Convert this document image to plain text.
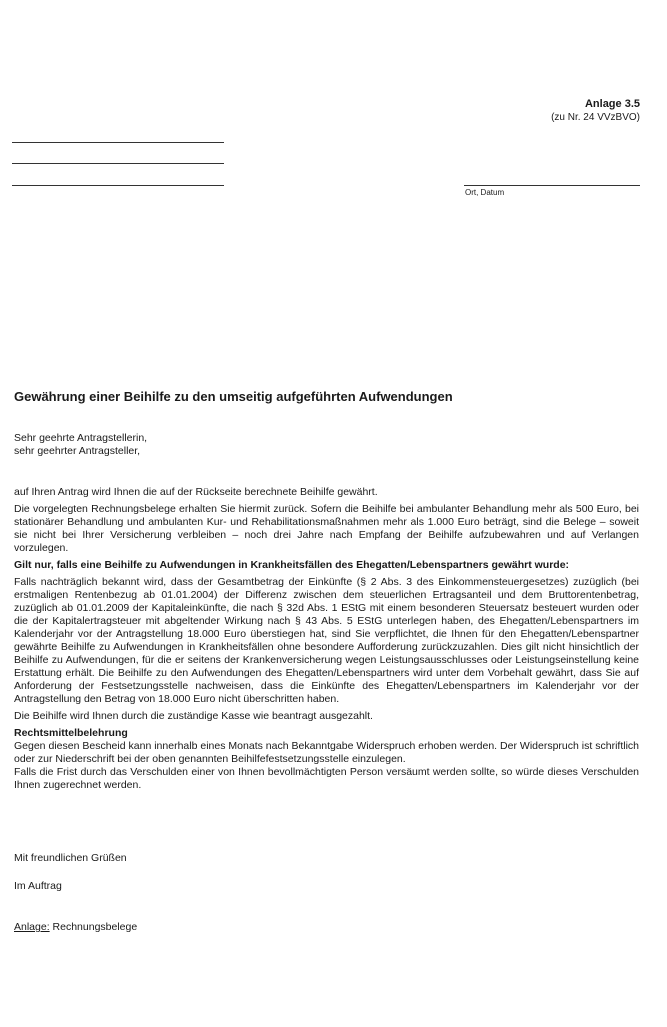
Anlage 3.5
(zu Nr. 24 VVzBVO)
Ort, Datum
Gewährung einer Beihilfe zu den umseitig aufgeführten Aufwendungen
Sehr geehrte Antragstellerin,
sehr geehrter Antragsteller,

auf Ihren Antrag wird Ihnen die auf der Rückseite berechnete Beihilfe gewährt.

Die vorgelegten Rechnungsbelege erhalten Sie hiermit zurück. Sofern die Beihilfe bei ambulanter Behandlung mehr als 500 Euro, bei stationärer Behandlung und ambulanten Kur- und Rehabilitationsmaßnahmen mehr als 1.000 Euro beträgt, sind die Belege – soweit sie nicht bei Ihrer Versicherung verbleiben – noch drei Jahre nach Empfang der Beihilfe aufzubewahren und auf Verlangen vorzulegen.

Gilt nur, falls eine Beihilfe zu Aufwendungen in Krankheitsfällen des Ehegatten/Lebenspartners gewährt wurde:

Falls nachträglich bekannt wird, dass der Gesamtbetrag der Einkünfte (§ 2 Abs. 3 des Einkommensteuergesetzes) zuzüglich (bei erstmaligen Rentenbezug ab 01.01.2004) der Differenz zwischen dem steuerlichen Ertragsanteil und dem Bruttorentenbetrag, zuzüglich ab 01.01.2009 der Kapitaleinkünfte, die nach § 32d Abs. 1 EStG mit einem besonderen Steuersatz besteuert wurden oder die der Kapitalertragsteuer mit abgeltender Wirkung nach § 43 Abs. 5 EStG unterlegen haben, des Ehegatten/Lebenspartners im Kalenderjahr vor der Antragstellung 18.000 Euro überstiegen hat, sind Sie verpflichtet, die Ihnen für den Ehegatten/Lebenspartner gewährte Beihilfe zu Aufwendungen in Krankheitsfällen ohne besondere Aufforderung zurückzuzahlen. Dies gilt nicht hinsichtlich der Beihilfe zu Aufwendungen, für die er seitens der Krankenversicherung wegen Leistungsausschlusses oder Leistungseinstellung keine Erstattung erhält. Die Beihilfe zu den Aufwendungen des Ehegatten/Lebenspartners wird unter dem Vorbehalt gewährt, dass Sie auf Anforderung der Festsetzungsstelle nachweisen, dass die Einkünfte des Ehegatten/Lebenspartners im Kalenderjahr vor der Antragstellung den Betrag von 18.000 Euro nicht überschritten haben.

Die Beihilfe wird Ihnen durch die zuständige Kasse wie beantragt ausgezahlt.

Rechtsmittelbelehrung
Gegen diesen Bescheid kann innerhalb eines Monats nach Bekanntgabe Widerspruch erhoben werden. Der Widerspruch ist schriftlich oder zur Niederschrift bei der oben genannten Beihilfefestsetzungsstelle einzulegen.
Falls die Frist durch das Verschulden einer von Ihnen bevollmächtigten Person versäumt werden sollte, so würde dieses Verschulden Ihnen zugerechnet werden.
Mit freundlichen Grüßen
Im Auftrag
Anlage: Rechnungsbelege
